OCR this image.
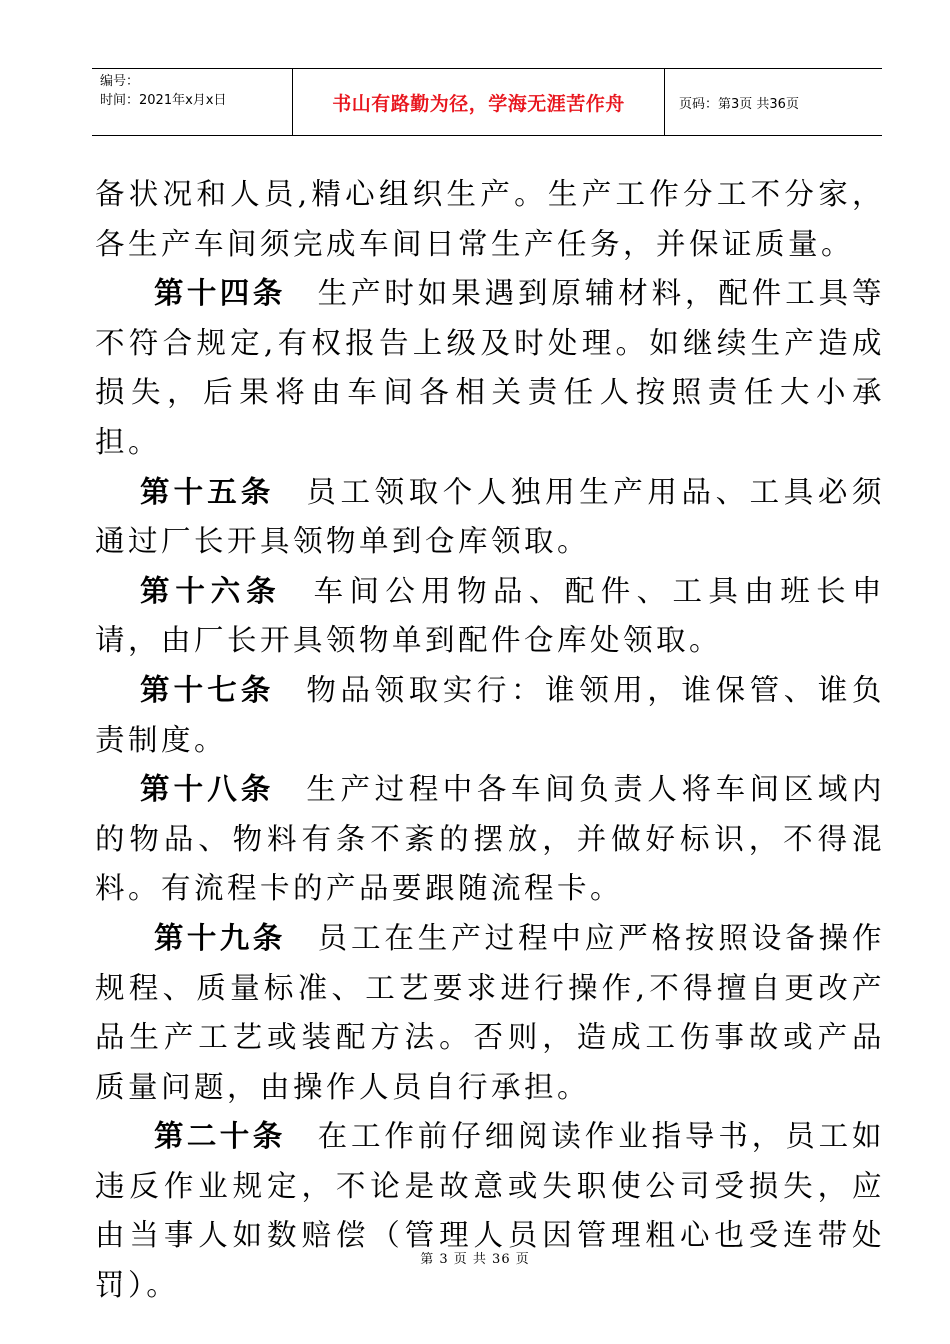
编号：
时间：2021年x月x日	书山有路勤为径，学海无涯苦作舟	页码：第3页 共36页

备状况和人员,精心组织生产。生产工作分工不分家，各生产车间须完成车间日常生产任务，并保证质量。

第十四条 生产时如果遇到原辅材料，配件工具等不符合规定,有权报告上级及时处理。如继续生产造成损失，后果将由车间各相关责任人按照责任大小承担。

第十五条 员工领取个人独用生产用品、工具必须通过厂长开具领物单到仓库领取。

第十六条 车间公用物品、配件、工具由班长申请，由厂长开具领物单到配件仓库处领取。

第十七条 物品领取实行：谁领用，谁保管、谁负责制度。

第十八条 生产过程中各车间负责人将车间区域内的物品、物料有条不紊的摆放，并做好标识，不得混料。有流程卡的产品要跟随流程卡。

第十九条 员工在生产过程中应严格按照设备操作规程、质量标准、工艺要求进行操作,不得擅自更改产品生产工艺或装配方法。否则，造成工伤事故或产品质量问题，由操作人员自行承担。

第二十条 在工作前仔细阅读作业指导书，员工如违反作业规定，不论是故意或失职使公司受损失，应由当事人如数赔偿（管理人员因管理粗心也受连带处罚）。

第 3 页 共 36 页
